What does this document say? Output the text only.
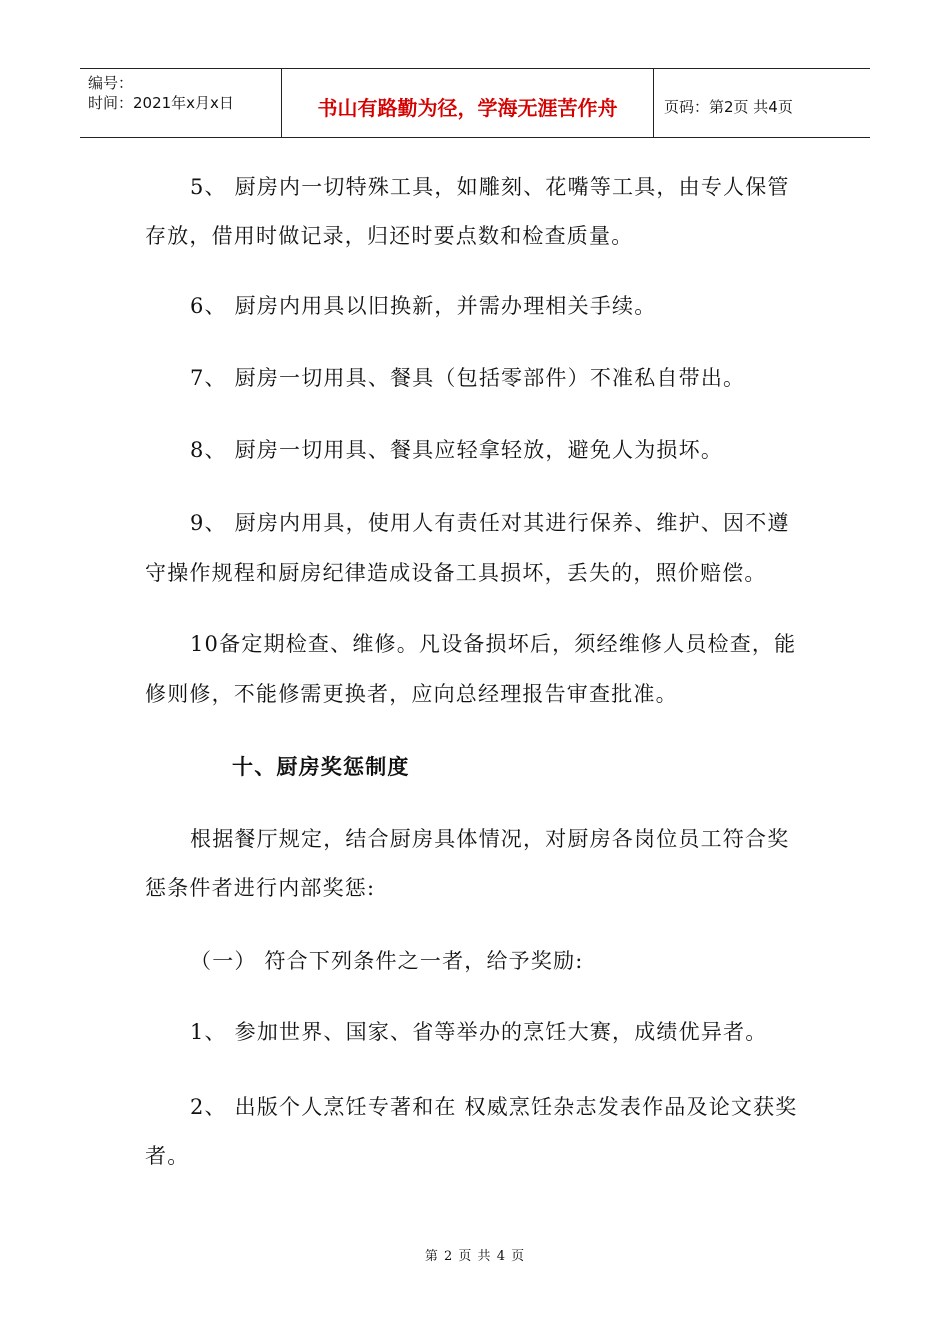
编号：
时间：2021年x月x日	书山有路勤为径，学海无涯苦作舟	页码：第2页 共4页
5、 厨房内一切特殊工具，如雕刻、花嘴等工具，由专人保管
存放，借用时做记录，归还时要点数和检查质量。
6、 厨房内用具以旧换新，并需办理相关手续。
7、 厨房一切用具、餐具（包括零部件）不准私自带出。
8、 厨房一切用具、餐具应轻拿轻放，避免人为损坏。
9、 厨房内用具，使用人有责任对其进行保养、维护、因不遵
守操作规程和厨房纪律造成设备工具损坏，丢失的，照价赔偿。
10备定期检查、维修。凡设备损坏后，须经维修人员检查，能
修则修，不能修需更换者，应向总经理报告审查批准。
十、厨房奖惩制度
根据餐厅规定，结合厨房具体情况，对厨房各岗位员工符合奖
惩条件者进行内部奖惩:
（一） 符合下列条件之一者，给予奖励:
1、 参加世界、国家、省等举办的烹饪大赛，成绩优异者。
2、 出版个人烹饪专著和在 权威烹饪杂志发表作品及论文获奖
者。
第 2 页 共 4 页
